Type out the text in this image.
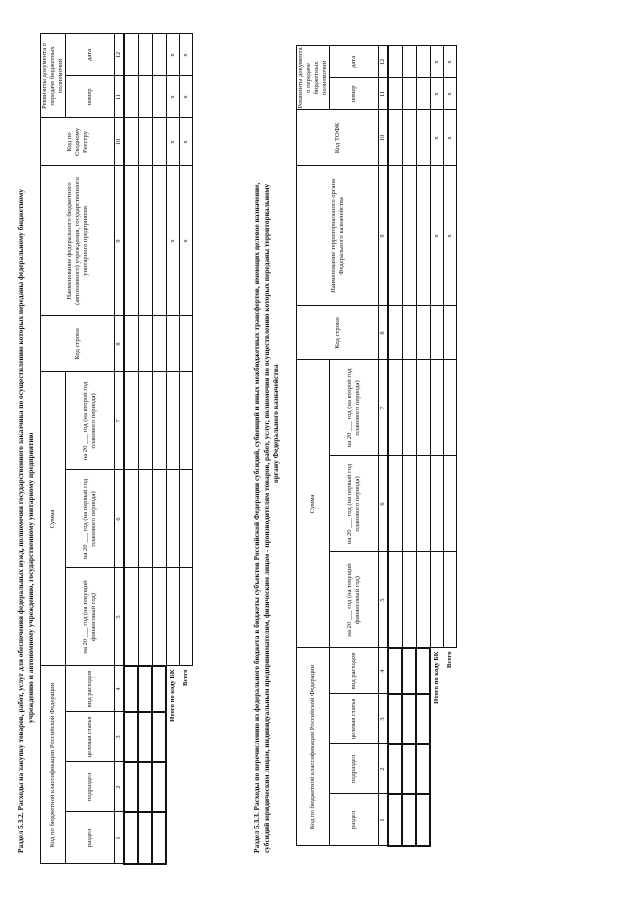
Раздел 5.3.2. Расходы на закупку товаров, работ, услуг для обеспечения федеральных нужд, полномочия государственного заказчика по осуществлению которых переданы федеральному бюджетному учреждению и автономному учреждению, государственному унитарному предприятию
Код по бюджетной классификации Российской Федерации				Сумма			Код строки	Наименование федерального бюджетного (автономного) учреждения, государственного унитарного предприятия	Код по Сводному Реестру	Реквизиты документа о передаче бюджетных полномочий	
раздел	подраздел	целевая статья	вид расходов	на 20 ___ год (на текущий финансовый год)	на 20 ___ год (на первый год планового периода)	на 20 ___ год (на второй год планового периода)				номер	дата
1	2	3	4	5	6	7	8	9	10	11	12

Итого по коду БК								x	x	x	x
Всего								x	x	x	x
Раздел 5.3.3. Расходы по перечислению из федерального бюджета в бюджеты субъектов Российской Федерации субсидий, субвенций и иных межбюджетных трансфертов, имеющих целевое назначение, субсидий юридическим лицам, индивидуальным предпринимателям, физическим лицам - производителям товаров, работ, услуг, полномочия по осуществлению которых переданы территориальному органу Федерального казначейства
Код по бюджетной классификации Российской Федерации				Сумма			Код строки	Наименование территориального органа Федерального казначейства	Код ТОФК	Реквизиты документа о передаче бюджетных полномочий	
раздел	подраздел	целевая статья	вид расходов	на 20 ___ год (на текущий финансовый год)	на 20 ___ год (на первый год планового периода)	на 20 ___ год (на второй год планового периода)				номер	дата
1	2	3	4	5	6	7	8	9	10	11	12

Итого по коду БК								x	x	x	x
Всего								x	x	x	x
